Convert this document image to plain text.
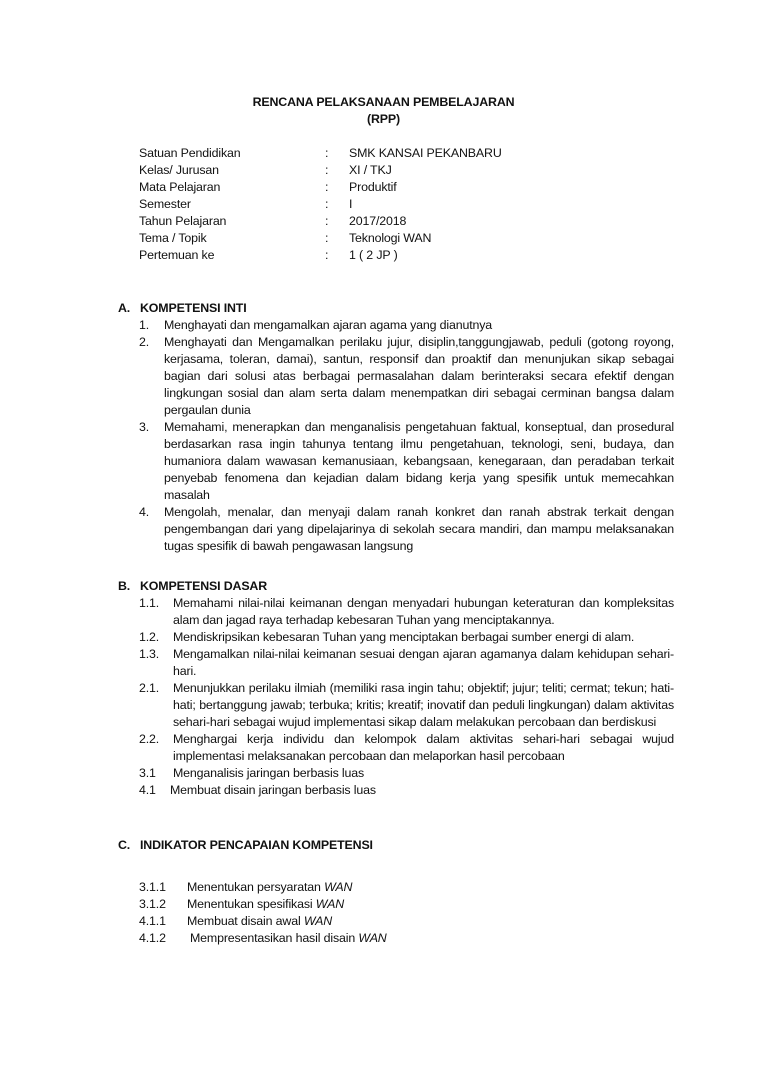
RENCANA PELAKSANAAN PEMBELAJARAN
(RPP)
Satuan Pendidikan	: SMK KANSAI PEKANBARU
Kelas/ Jurusan	: XI / TKJ
Mata Pelajaran	: Produktif
Semester	: I
Tahun Pelajaran	: 2017/2018
Tema / Topik	: Teknologi WAN
Pertemuan ke	: 1 ( 2 JP )
A. KOMPETENSI INTI
1. Menghayati dan mengamalkan ajaran agama yang dianutnya
2. Menghayati dan Mengamalkan perilaku jujur, disiplin,tanggungjawab, peduli (gotong royong, kerjasama, toleran, damai), santun, responsif dan proaktif dan menunjukan sikap sebagai bagian dari solusi atas berbagai permasalahan dalam berinteraksi secara efektif dengan lingkungan sosial dan alam serta dalam menempatkan diri sebagai cerminan bangsa dalam pergaulan dunia
3. Memahami, menerapkan dan menganalisis pengetahuan faktual, konseptual, dan prosedural berdasarkan rasa ingin tahunya tentang ilmu pengetahuan, teknologi, seni, budaya, dan humaniora dalam wawasan kemanusiaan, kebangsaan, kenegaraan, dan peradaban terkait penyebab fenomena dan kejadian dalam bidang kerja yang spesifik untuk memecahkan masalah
4. Mengolah, menalar, dan menyaji dalam ranah konkret dan ranah abstrak terkait dengan pengembangan dari yang dipelajarinya di sekolah secara mandiri, dan mampu melaksanakan tugas spesifik di bawah pengawasan langsung
B. KOMPETENSI DASAR
1.1. Memahami nilai-nilai keimanan dengan menyadari hubungan keteraturan dan kompleksitas alam dan jagad raya terhadap kebesaran Tuhan yang menciptakannya.
1.2. Mendiskripsikan kebesaran Tuhan yang menciptakan berbagai sumber energi di alam.
1.3. Mengamalkan nilai-nilai keimanan sesuai dengan ajaran agamanya dalam kehidupan sehari-hari.
2.1. Menunjukkan perilaku ilmiah (memiliki rasa ingin tahu; objektif; jujur; teliti; cermat; tekun; hati-hati; bertanggung jawab; terbuka; kritis; kreatif; inovatif dan peduli lingkungan) dalam aktivitas sehari-hari sebagai wujud implementasi sikap dalam melakukan percobaan dan berdiskusi
2.2. Menghargai kerja individu dan kelompok dalam aktivitas sehari-hari sebagai wujud implementasi melaksanakan percobaan dan melaporkan hasil percobaan
3.1 Menganalisis jaringan berbasis luas
4.1 Membuat disain jaringan berbasis luas
C. INDIKATOR PENCAPAIAN KOMPETENSI
3.1.1 Menentukan persyaratan WAN
3.1.2 Menentukan spesifikasi WAN
4.1.1 Membuat disain awal WAN
4.1.2 Mempresentasikan hasil disain WAN
